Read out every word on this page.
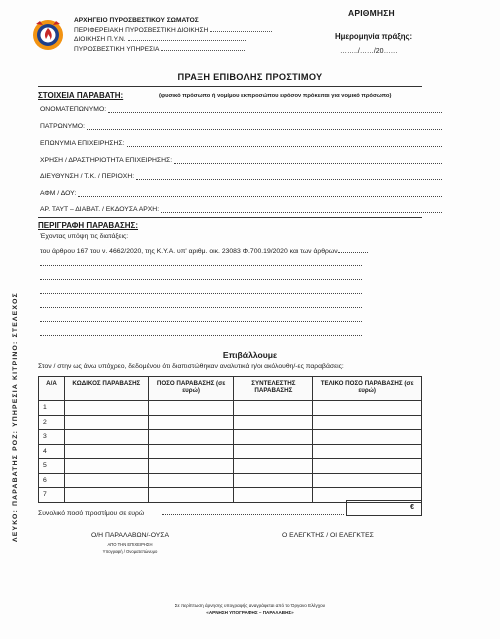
ΑΡΧΗΓΕΙΟ ΠΥΡΟΣΒΕΣΤΙΚΟΥ ΣΩΜΑΤΟΣ
ΠΕΡΙΦΕΡΕΙΑΚΗ ΠΥΡΟΣΒΕΣΤΙΚΗ ΔΙΟΙΚΗΣΗ
ΔΙΟΙΚΗΣΗ Π.Υ.Ν.
ΠΥΡΟΣΒΕΣΤΙΚΗ ΥΠΗΡΕΣΙΑ
ΑΡΙΘΜΗΣΗ
Ημερομηνία πράξης:
……../……/20……
ΠΡΑΞΗ ΕΠΙΒΟΛΗΣ ΠΡΟΣΤΙΜΟΥ
ΣΤΟΙΧΕΙΑ ΠΑΡΑΒΑΤΗ:	(φυσικό πρόσωπο ή νομίμου εκπροσώπου εφόσον πρόκειται για νομικό πρόσωπο)
ΟΝΟΜΑΤΕΠΩΝΥΜΟ:
ΠΑΤΡΩΝΥΜΟ:
ΕΠΩΝΥΜΙΑ ΕΠΙΧΕΙΡΗΣΗΣ:
ΧΡΗΣΗ / ΔΡΑΣΤΗΡΙΟΤΗΤΑ ΕΠΙΧΕΙΡΗΣΗΣ:
ΔΙΕΥΘΥΝΣΗ / Τ.Κ. / ΠΕΡΙΟΧΗ:
ΑΦΜ / ΔΟΥ:
ΑΡ. ΤΑΥΤ – ΔΙΑΒΑΤ. / ΕΚΔΟΥΣΑ ΑΡΧΗ:
ΠΕΡΙΓΡΑΦΗ ΠΑΡΑΒΑΣΗΣ:
Έχοντας υπόψη τις διατάξεις:
του άρθρου 167 του ν. 4662/2020, της Κ.Υ.Α. υπ' αριθμ. οικ. 23083 Φ.700.19/2020 και των άρθρων
Επιβάλλουμε
Στον / στην ως άνω υπόχρεο, δεδομένου ότι διαπιστώθηκαν αναλυτικά η/οι ακόλουθη/-ες παραβάσεις:
Α/Α	ΚΩΔΙΚΟΣ ΠΑΡΑΒΑΣΗΣ	ΠΟΣΟ ΠΑΡΑΒΑΣΗΣ (σε ευρώ)	ΣΥΝΤΕΛΕΣΤΗΣ ΠΑΡΑΒΑΣΗΣ	ΤΕΛΙΚΟ ΠΟΣΟ ΠΑΡΑΒΑΣΗΣ (σε ευρώ)
1				
2				
3				
4				
5				
6				
7				
Συνολικό ποσό προστίμου σε ευρώ
€
Ο/Η ΠΑΡΑΛΑΒΩΝ/-ΟΥΣΑ
ΑΠΟ ΤΗΝ ΕΠΙΧΕΙΡΗΣΗ
Υπογραφή / Ονοματεπώνυμο
Ο ΕΛΕΓΚΤΗΣ / ΟΙ ΕΛΕΓΚΤΕΣ
ΛΕΥΚΟ: ΠΑΡΑΒΑΤΗΣ ΡΟΖ: ΥΠΗΡΕΣΙΑ ΚΙΤΡΙΝΟ: ΣΤΕΛΕΧΟΣ
Σε περίπτωση άρνησης υπογραφής αναγράφεται από το Όργανο Ελέγχου
«ΑΡΝΗΣΗ ΥΠΟΓΡΑΦΗΣ – ΠΑΡΑΛΑΒΗΣ»
